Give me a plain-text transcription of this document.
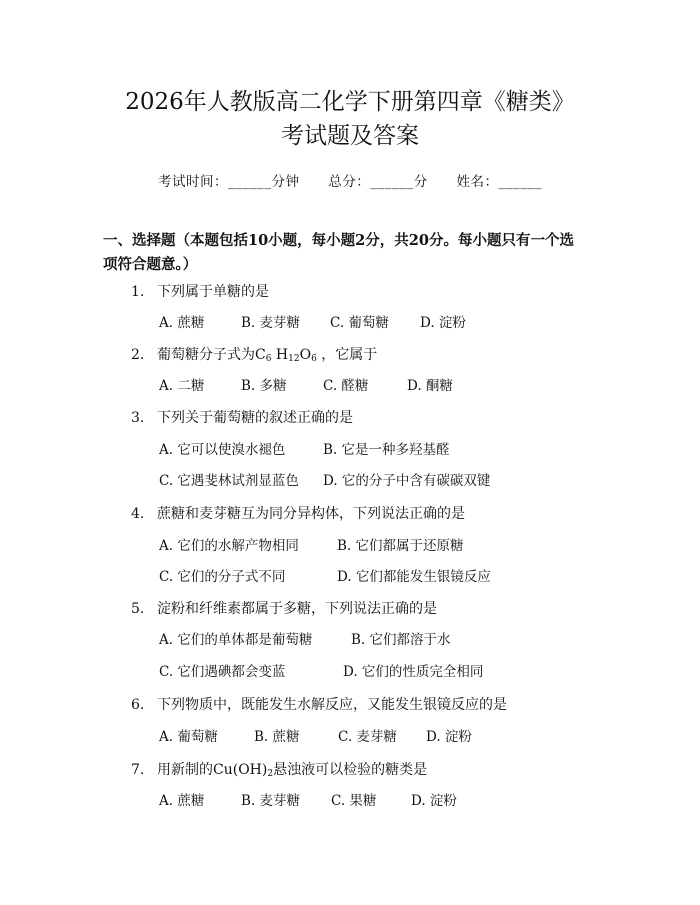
2026年人教版高二化学下册第四章《糖类》
考试题及答案
考试时间：______分钟 总分：______分 姓名：______
一、选择题（本题包括10小题，每小题2分，共20分。每小题只有一个选项符合题意。）
1. 下列属于单糖的是
A. 蔗糖	B. 麦芽糖 C. 葡萄糖 D. 淀粉
2. 葡萄糖分子式为$C_6$ $H_{12}O_6$ ，它属于
A. 二糖	B. 多糖	C. 醛糖	D. 酮糖
3. 下列关于葡萄糖的叙述正确的是
A. 它可以使溴水褪色	B. 它是一种多羟基醛
C. 它遇斐林试剂显蓝色 D. 它的分子中含有碳碳双键
4. 蔗糖和麦芽糖互为同分异构体，下列说法正确的是
A. 它们的水解产物相同	B. 它们都属于还原糖
C. 它们的分子式不同	D. 它们都能发生银镜反应
5. 淀粉和纤维素都属于多糖，下列说法正确的是
A. 它们的单体都是葡萄糖	B. 它们都溶于水
C. 它们遇碘都会变蓝	D. 它们的性质完全相同
6. 下列物质中，既能发生水解反应，又能发生银镜反应的是
A. 葡萄糖	B. 蔗糖	C. 麦芽糖 D. 淀粉
7. 用新制的$Cu(OH)_2$悬浊液可以检验的糖类是
A. 蔗糖	B. 麦芽糖 C. 果糖	D. 淀粉
